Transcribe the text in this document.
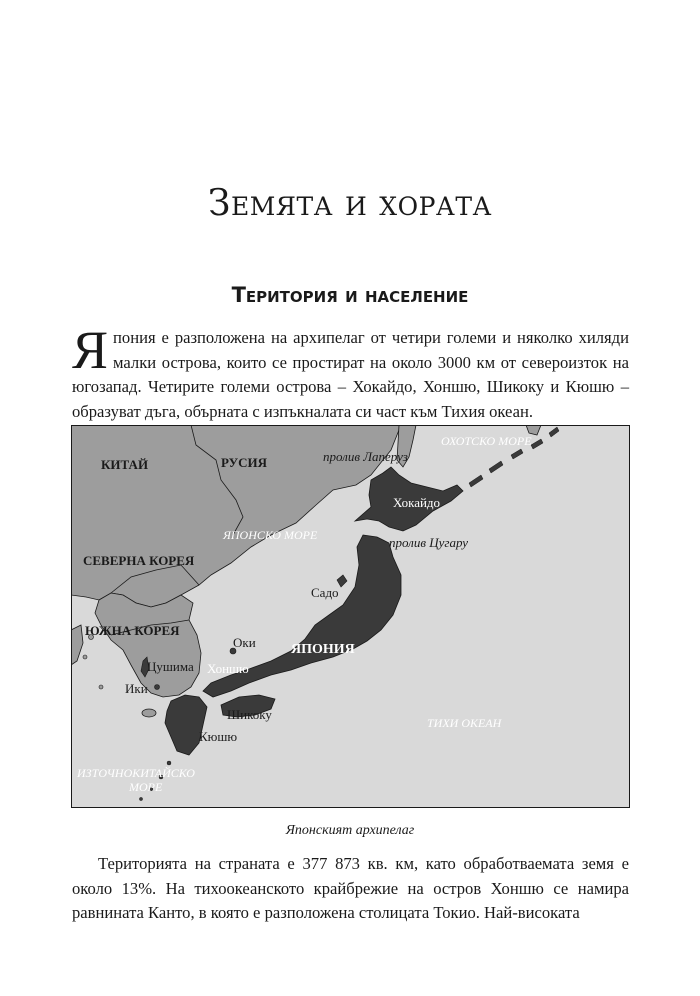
Земята и хората
Територия и население

Япония е разположена на архипелаг от четири големи и няколко хиляди малки острова, които се простират на около 3000 км от североизток на югозапад. Четирите големи острова – Хокайдо, Хоншю, Шикоку и Кюшю – образуват дъга, обърната с изпъкналата си част към Тихия океан.

КИТАЙ	РУСИЯ
ОХОТСКО МОРЕ
пролив Лаперуз
Хокайдо
пролив Цугару
ЯПОНСКО МОРЕ
СЕВЕРНА КОРЕЯ
Садо
ЮЖНА КОРЕЯ
ЯПОНИЯ
Оки
Цушима Хоншю
Ики
Шикоку
ТИХИ ОКЕАН
Кюшю
ИЗТОЧНОКИТАЙСКО
МОРЕ

Японският архипелаг

Територията на страната е 377 873 кв. км, като обработваемата земя е около 13%. На тихоокеанското крайбрежие на остров Хоншю се намира равнината Канто, в която е разположена столицата Токио. Най-високата
